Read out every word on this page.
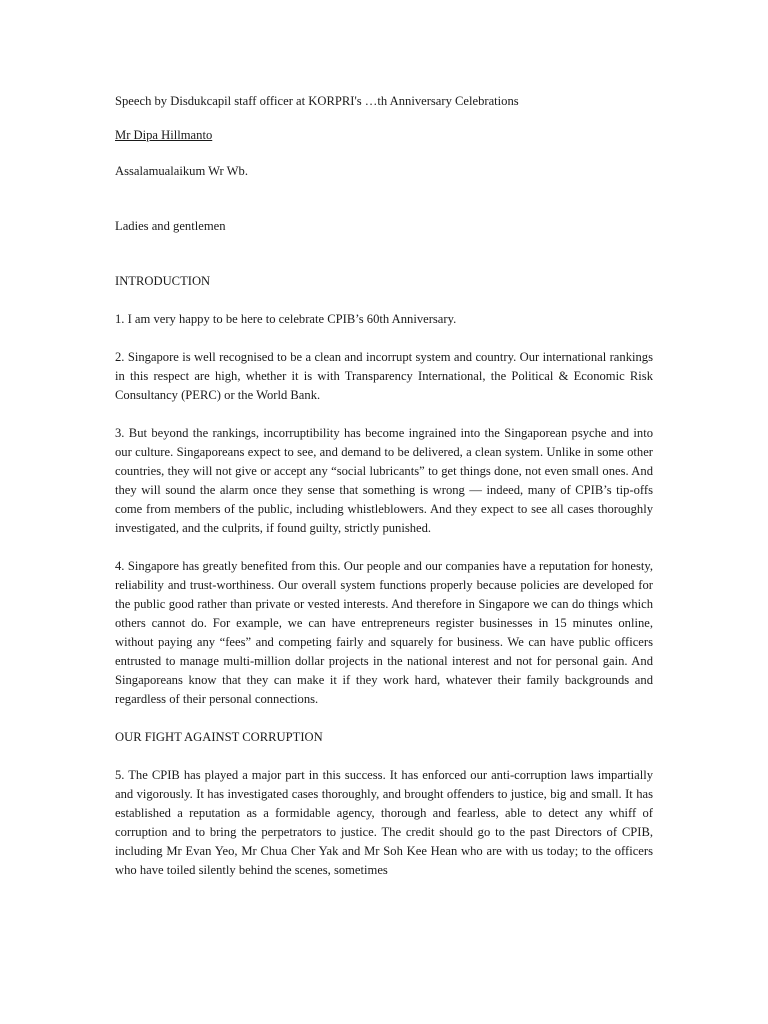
Speech by Disdukcapil staff officer at KORPRI's …th Anniversary Celebrations

Mr Dipa Hillmanto

Assalamualaikum Wr Wb.

Ladies and gentlemen

INTRODUCTION

1. I am very happy to be here to celebrate CPIB’s 60th Anniversary.

2. Singapore is well recognised to be a clean and incorrupt system and country. Our international rankings in this respect are high, whether it is with Transparency International, the Political & Economic Risk Consultancy (PERC) or the World Bank.

3. But beyond the rankings, incorruptibility has become ingrained into the Singaporean psyche and into our culture. Singaporeans expect to see, and demand to be delivered, a clean system. Unlike in some other countries, they will not give or accept any “social lubricants” to get things done, not even small ones. And they will sound the alarm once they sense that something is wrong — indeed, many of CPIB’s tip-offs come from members of the public, including whistleblowers. And they expect to see all cases thoroughly investigated, and the culprits, if found guilty, strictly punished.

4. Singapore has greatly benefited from this. Our people and our companies have a reputation for honesty, reliability and trust-worthiness. Our overall system functions properly because policies are developed for the public good rather than private or vested interests. And therefore in Singapore we can do things which others cannot do. For example, we can have entrepreneurs register businesses in 15 minutes online, without paying any “fees” and competing fairly and squarely for business. We can have public officers entrusted to manage multi-million dollar projects in the national interest and not for personal gain. And Singaporeans know that they can make it if they work hard, whatever their family backgrounds and regardless of their personal connections.

OUR FIGHT AGAINST CORRUPTION

5. The CPIB has played a major part in this success. It has enforced our anti-corruption laws impartially and vigorously. It has investigated cases thoroughly, and brought offenders to justice, big and small. It has established a reputation as a formidable agency, thorough and fearless, able to detect any whiff of corruption and to bring the perpetrators to justice. The credit should go to the past Directors of CPIB, including Mr Evan Yeo, Mr Chua Cher Yak and Mr Soh Kee Hean who are with us today; to the officers who have toiled silently behind the scenes, sometimes
